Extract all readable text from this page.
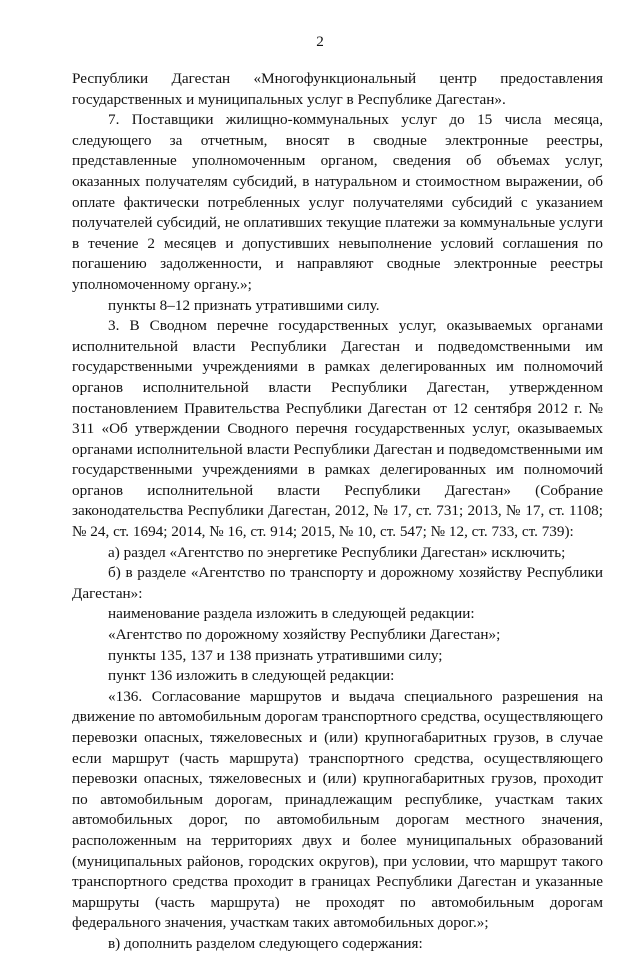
2

Республики Дагестан «Многофункциональный центр предоставления государственных и муниципальных услуг в Республике Дагестан».

7. Поставщики жилищно-коммунальных услуг до 15 числа месяца, следующего за отчетным, вносят в сводные электронные реестры, представленные уполномоченным органом, сведения об объемах услуг, оказанных получателям субсидий, в натуральном и стоимостном выражении, об оплате фактически потребленных услуг получателями субсидий с указанием получателей субсидий, не оплативших текущие платежи за коммунальные услуги в течение 2 месяцев и допустивших невыполнение условий соглашения по погашению задолженности, и направляют сводные электронные реестры уполномоченному органу.»;

пункты 8–12 признать утратившими силу.

3. В Сводном перечне государственных услуг, оказываемых органами исполнительной власти Республики Дагестан и подведомственными им государственными учреждениями в рамках делегированных им полномочий органов исполнительной власти Республики Дагестан, утвержденном постановлением Правительства Республики Дагестан от 12 сентября 2012 г. № 311 «Об утверждении Сводного перечня государственных услуг, оказываемых органами исполнительной власти Республики Дагестан и подведомственными им государственными учреждениями в рамках делегированных им полномочий органов исполнительной власти Республики Дагестан» (Собрание законодательства Республики Дагестан, 2012, № 17, ст. 731; 2013, № 17, ст. 1108; № 24, ст. 1694; 2014, № 16, ст. 914; 2015, № 10, ст. 547; № 12, ст. 733, ст. 739):

а) раздел «Агентство по энергетике Республики Дагестан» исключить;

б) в разделе «Агентство по транспорту и дорожному хозяйству Республики Дагестан»:

наименование раздела изложить в следующей редакции:

«Агентство по дорожному хозяйству Республики Дагестан»;

пункты 135, 137 и 138 признать утратившими силу;

пункт 136 изложить в следующей редакции:

«136. Согласование маршрутов и выдача специального разрешения на движение по автомобильным дорогам транспортного средства, осуществляющего перевозки опасных, тяжеловесных и (или) крупногабаритных грузов, в случае если маршрут (часть маршрута) транспортного средства, осуществляющего перевозки опасных, тяжеловесных и (или) крупногабаритных грузов, проходит по автомобильным дорогам, принадлежащим республике, участкам таких автомобильных дорог, по автомобильным дорогам местного значения, расположенным на территориях двух и более муниципальных образований (муниципальных районов, городских округов), при условии, что маршрут такого транспортного средства проходит в границах Республики Дагестан и указанные маршруты (часть маршрута) не проходят по автомобильным дорогам федерального значения, участкам таких автомобильных дорог.»;

в) дополнить разделом следующего содержания:
